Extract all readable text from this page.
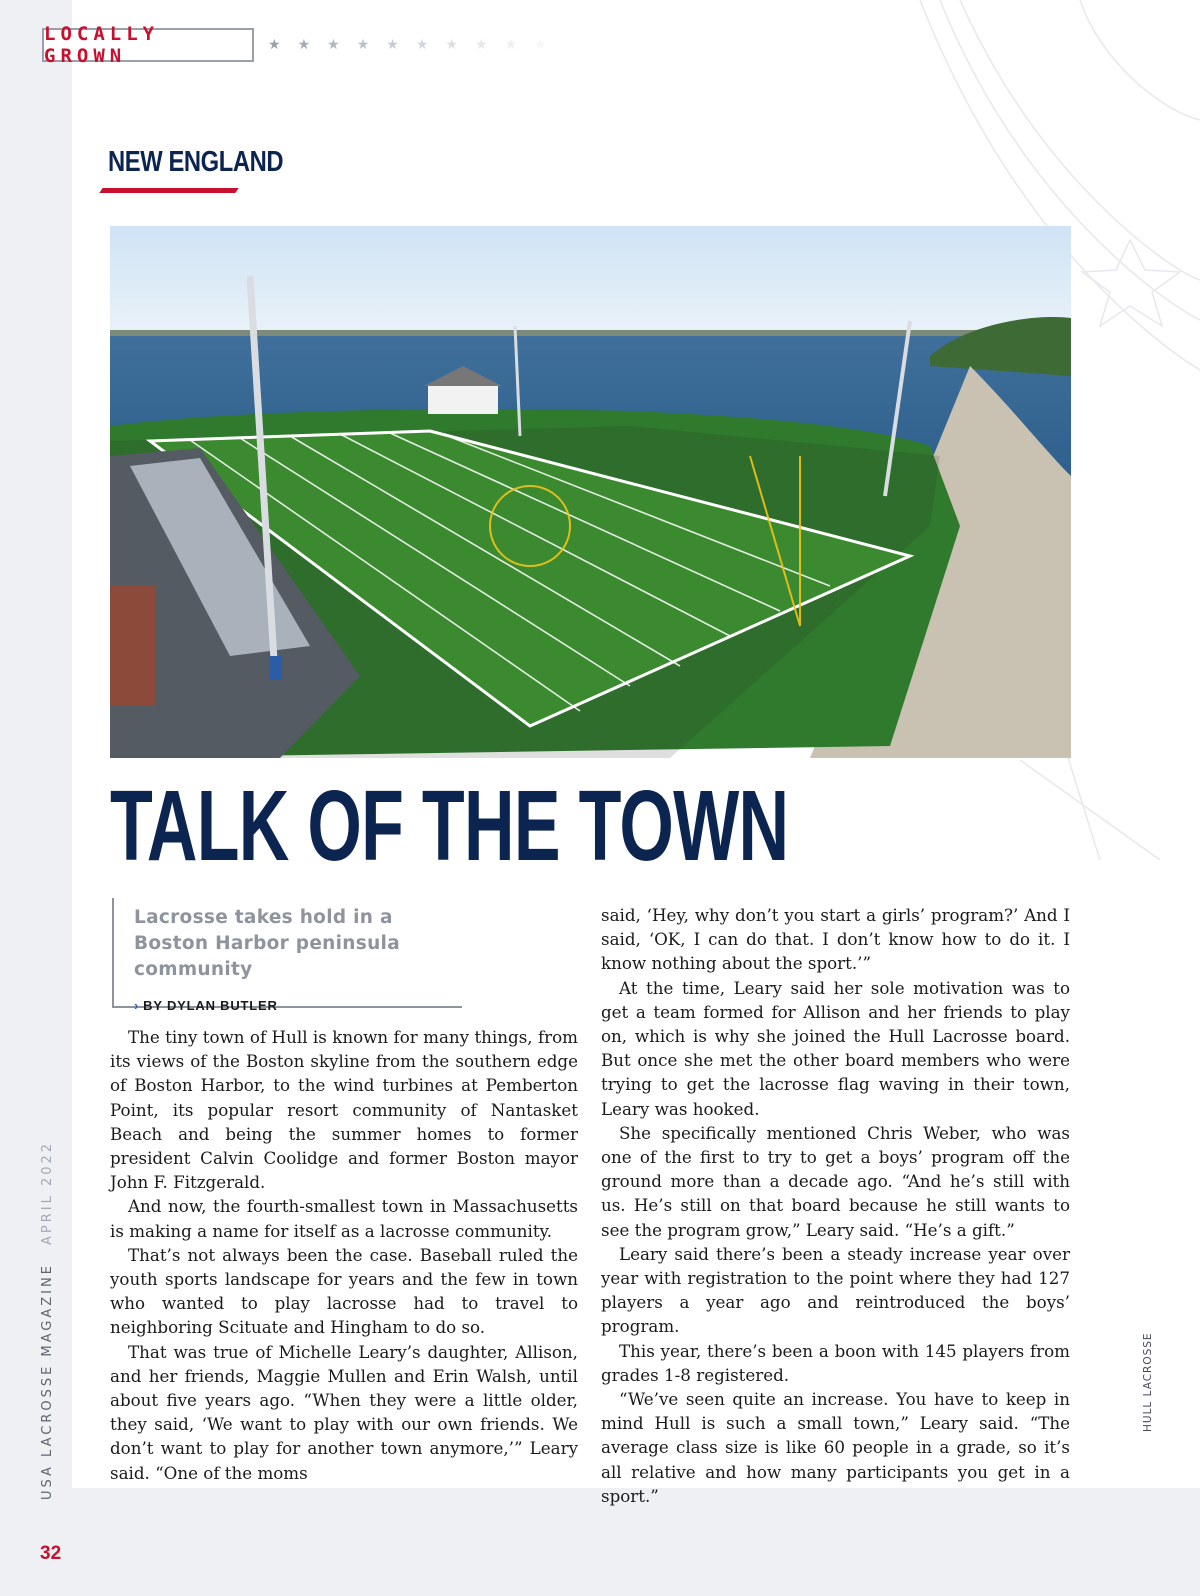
LOCALLY GROWN	★ ★ ★ ★ ★ ★ ★ ★ ★ ★
NEW ENGLAND
TALK OF THE TOWN
Lacrosse takes hold in a Boston Harbor peninsula community
› BY DYLAN BUTLER

The tiny town of Hull is known for many things, from its views of the Boston skyline from the southern edge of Boston Harbor, to the wind turbines at Pemberton Point, its popular resort community of Nantasket Beach and being the summer homes to former president Calvin Coolidge and former Boston mayor John F. Fitzgerald.

And now, the fourth-smallest town in Massachusetts is making a name for itself as a lacrosse community.

That’s not always been the case. Baseball ruled the youth sports landscape for years and the few in town who wanted to play lacrosse had to travel to neighboring Scituate and Hingham to do so.

That was true of Michelle Leary’s daughter, Allison, and her friends, Maggie Mullen and Erin Walsh, until about five years ago. “When they were a little older, they said, ‘We want to play with our own friends. We don’t want to play for another town anymore,’” Leary said. “One of the moms

said, ‘Hey, why don’t you start a girls’ program?’ And I said, ‘OK, I can do that. I don’t know how to do it. I know nothing about the sport.’”

At the time, Leary said her sole motivation was to get a team formed for Allison and her friends to play on, which is why she joined the Hull Lacrosse board. But once she met the other board members who were trying to get the lacrosse flag waving in their town, Leary was hooked.

She specifically mentioned Chris Weber, who was one of the first to try to get a boys’ program off the ground more than a decade ago. “And he’s still with us. He’s still on that board because he still wants to see the program grow,” Leary said. “He’s a gift.”

Leary said there’s been a steady increase year over year with registration to the point where they had 127 players a year ago and reintroduced the boys’ program.

This year, there’s been a boon with 145 players from grades 1-8 registered.

“We’ve seen quite an increase. You have to keep in mind Hull is such a small town,” Leary said. “The average class size is like 60 people in a grade, so it’s all relative and how many participants you get in a sport.”

USA LACROSSE MAGAZINEAPRIL 2022
HULL LACROSSE
32
